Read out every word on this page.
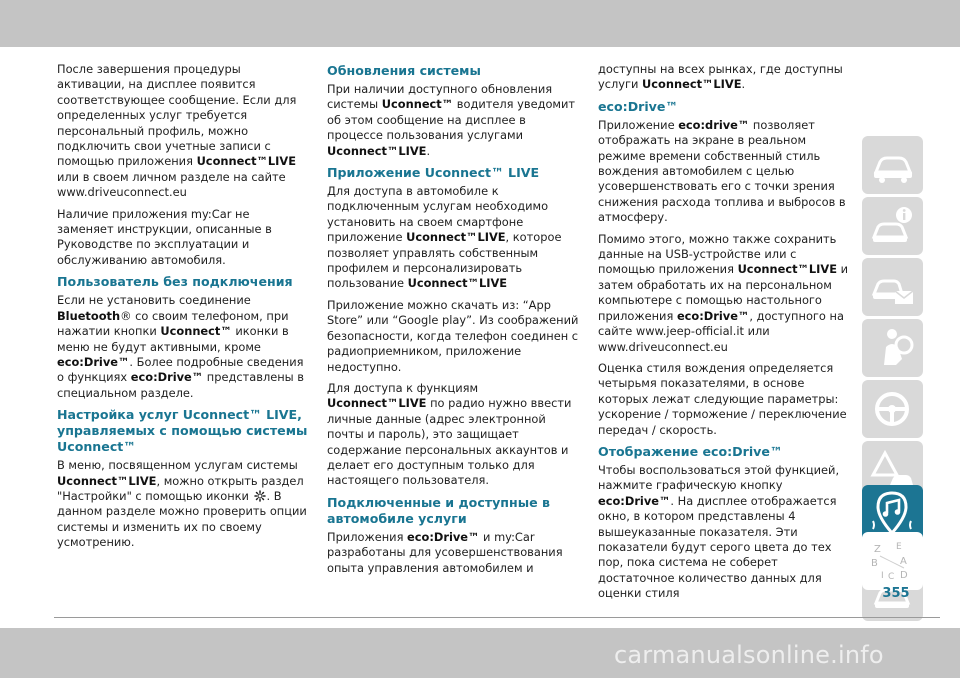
После завершения процедуры активации, на дисплее появится соответствующее сообщение. Если для определенных услуг требуется персональный профиль, можно подключить свои учетные записи с помощью приложения Uconnect™LIVE или в своем личном разделе на сайте www.driveuconnect.eu

Наличие приложения my:Car не заменяет инструкции, описанные в Руководстве по эксплуатации и обслуживанию автомобиля.

Пользователь без подключения

Если не установить соединение Bluetooth® со своим телефоном, при нажатии кнопки Uconnect™ иконки в меню не будут активными, кроме eco:Drive™. Более подробные сведения о функциях eco:Drive™ представлены в специальном разделе.

Настройка услуг Uconnect™ LIVE, управляемых с помощью системы Uconnect™

В меню, посвященном услугам системы Uconnect™LIVE, можно открыть раздел "Настройки" с помощью иконки . В данном разделе можно проверить опции системы и изменить их по своему усмотрению.

Обновления системы

При наличии доступного обновления системы Uconnect™ водителя уведомит об этом сообщение на дисплее в процессе пользования услугами Uconnect™LIVE.

Приложение Uconnect™ LIVE

Для доступа в автомобиле к подключенным услугам необходимо установить на своем смартфоне приложение Uconnect™LIVE, которое позволяет управлять собственным профилем и персонализировать пользование Uconnect™LIVE

Приложение можно скачать из: “App Store” или “Google play”. Из соображений безопасности, когда телефон соединен с радиоприемником, приложение недоступно.

Для доступа к функциям Uconnect™LIVE по радио нужно ввести личные данные (адрес электронной почты и пароль), это защищает содержание персональных аккаунтов и делает его доступным только для настоящего пользователя.

Подключенные и доступные в автомобиле услуги

Приложения eco:Drive™ и my:Car разработаны для усовершенствования опыта управления автомобилем и

доступны на всех рынках, где доступны услуги Uconnect™LIVE.

eco:Drive™

Приложение eco:drive™ позволяет отображать на экране в реальном режиме времени собственный стиль вождения автомобилем с целью усовершенствовать его с точки зрения снижения расхода топлива и выбросов в атмосферу.

Помимо этого, можно также сохранить данные на USB-устройстве или с помощью приложения Uconnect™LIVE и затем обработать их на персональном компьютере с помощью настольного приложения eco:Drive™, доступного на сайте www.jeep-official.it или www.driveuconnect.eu

Оценка стиля вождения определяется четырьмя показателями, в основе которых лежат следующие параметры: ускорение / торможение / переключение передач / скорость.

Отображение eco:Drive™

Чтобы воспользоваться этой функцией, нажмите графическую кнопку eco:Drive™. На дисплее отображается окно, в котором представлены 4 вышеуказанные показателя. Эти показатели будут серого цвета до тех пор, пока система не соберет достаточное количество данных для оценки стиля

Z E
B A
I C D
355
carmanualsonline.info
